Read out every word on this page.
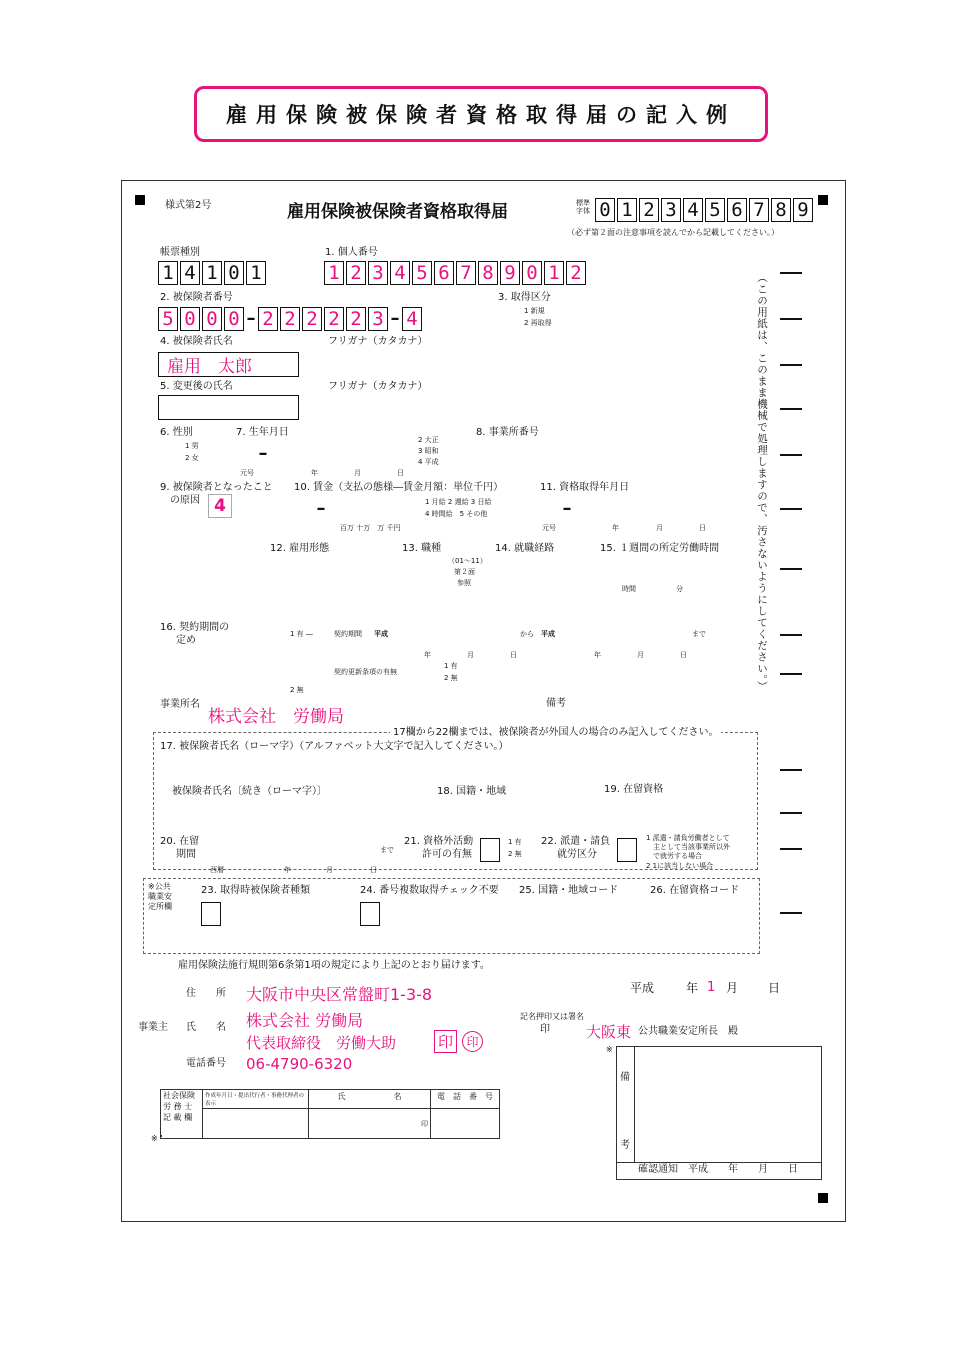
雇用保険被保険者資格取得届の記入例
様式第2号	雇用保険被保険者資格取得届	標準字体 0 1 2 3 4 5 6 7 8 9
（必ず第２面の注意事項を読んでから記載してください。）
（この用紙は、このまま機械で処理しますので、汚さないようにしてください。）
帳票種別
1 4 1 0 1
1. 個人番号
1 2 3 4 5 6 7 8 9 0 1 2
2. 被保険者番号
5 0 0 0 – 2 2 2 2 2 3 – 4
3. 取得区分
1 新規
2 再取得
4. 被保険者氏名
雇用　太郎
フリガナ（カタカナ）
5. 変更後の氏名	フリガナ（カタカナ）
6. 性別
1 男
2 女
7. 生年月日
–
2 大正
3 昭和
4 平成
元号	年	月	日
8. 事業所番号
9. 被保険者となったこと
の原因 4
10. 賃金（支払の態様―賃金月額：単位千円）
–
百万 十万　万 千円
1 月給 2 週給 3 日給
4 時間給　5 その他
11. 資格取得年月日
–
元号	年	月	日
12. 雇用形態	13. 職種
（01〜11）
第２面
参照
14. 就職経路	15. １週間の所定労働時間
時間	分
16. 契約期間の
定め
1 有 ―
2 無
契約期間 平成	から 平成	まで
年	月	日	年	月	日
契約更新条項の有無
1 有
2 無
事業所名
株式会社　労働局
備考
17欄から22欄までは、被保険者が外国人の場合のみ記入してください。
17. 被保険者氏名（ローマ字）（アルファベット大文字で記入してください。）
被保険者氏名〔続き（ローマ字）〕	18. 国籍・地域	19. 在留資格
20. 在留
期間	まで
西暦	年	月	日
21. 資格外活動
許可の有無
1 有
2 無
22. 派遣・請負
就労区分
1 派遣・請負労働者として
　主として当該事業所以外
　で就労する場合
2 1に該当しない場合
※公共職業安定所欄
23. 取得時被保険者種類	24. 番号複数取得チェック不要 25. 国籍・地域コード	26. 在留資格コード
雇用保険法施行規則第6条第1項の規定により上記のとおり届けます。
平成	年 1 月 日
住　　所 大阪市中央区常盤町1-3-8
事業主 氏　　名 株式会社 労働局
代表取締役　労働大助	印	印
電話番号 06-4790-6320
記名押印又は署名
印 大阪東 公共職業安定所長　殿
社会保険
労 務 士
記 載 欄	作成年月日・提出代行者・事務代理者の表示	氏　　　　　　名	電　話　番　号
		印	

※
※
備
考
確認通知　平成　　年　　月　　日
